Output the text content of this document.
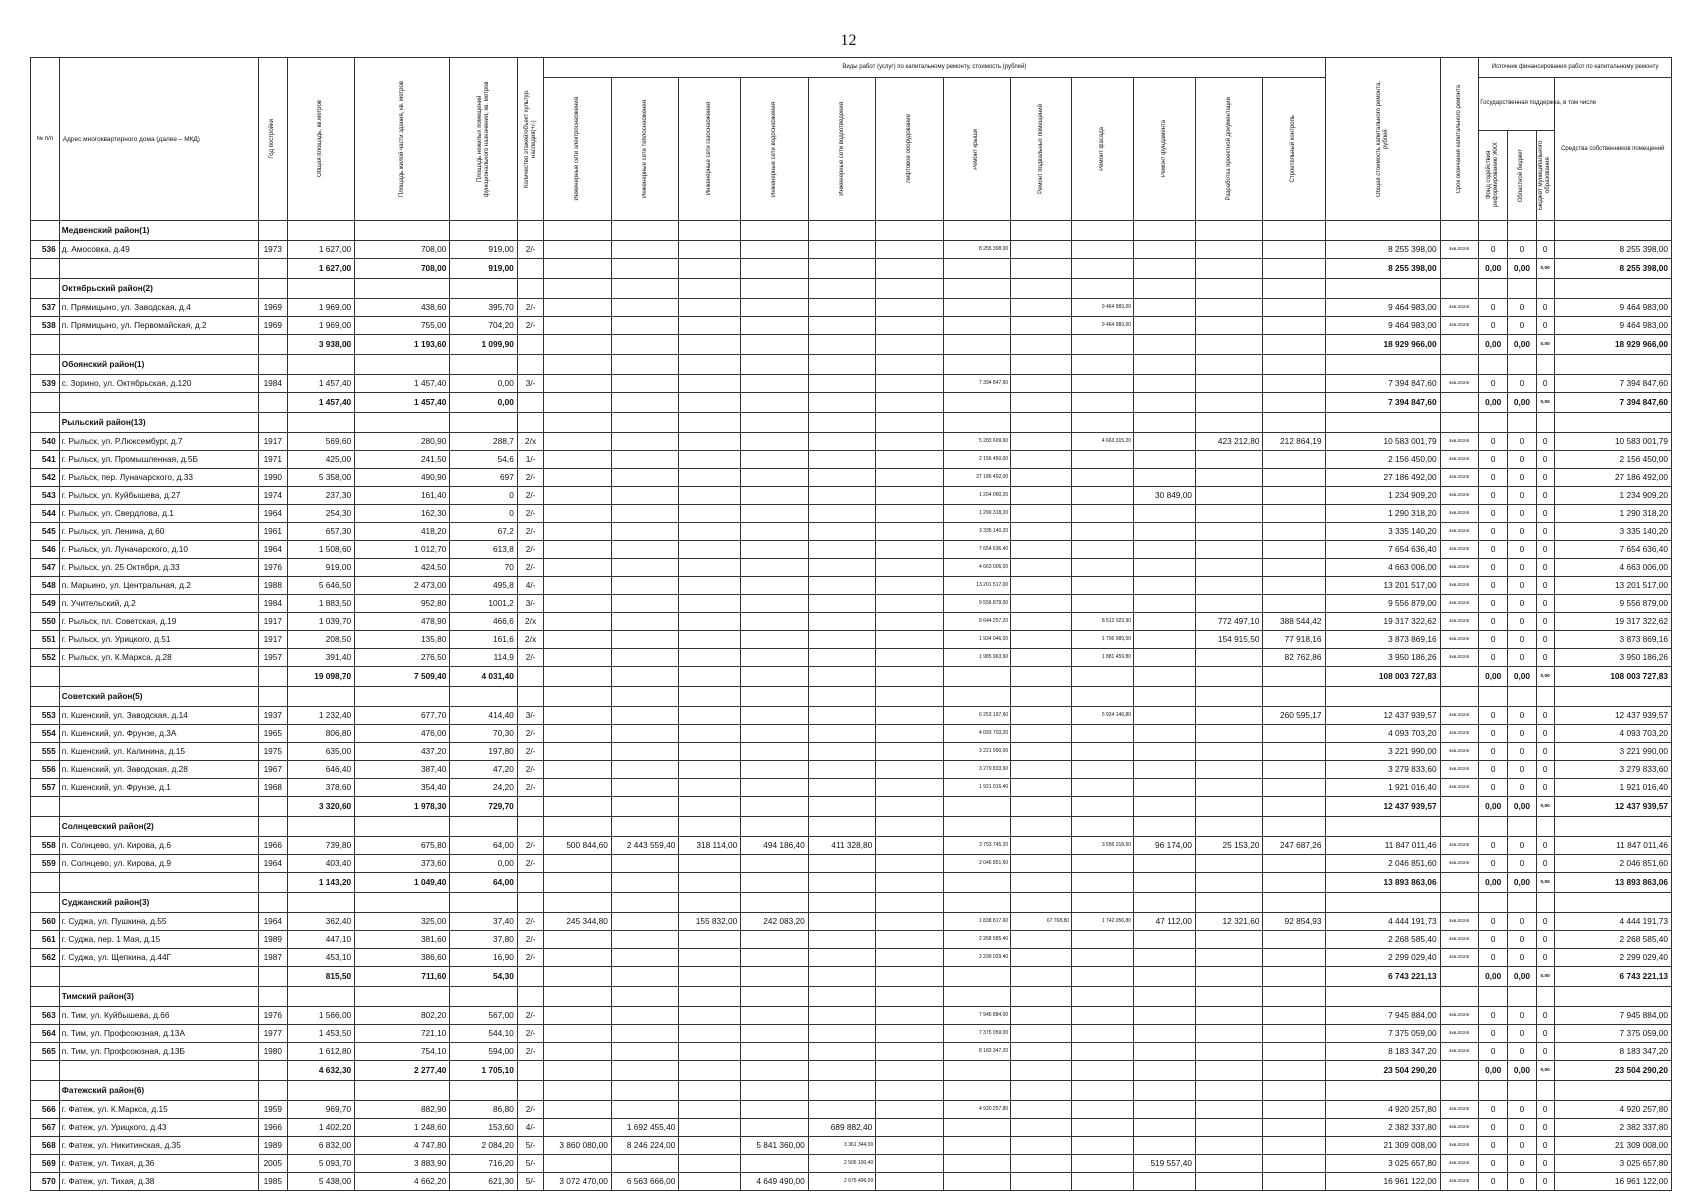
12
№ п/п	Адрес многоквартирного дома (далее – МКД)	Год постройки	Общая площадь, кв.метров	Площадь жилой части здания, кв. метров	Площадь нежилых помещений функционального назначения, кв. метров	Количество этажей/объект культур. наследия(+/-)	Виды работ (услуг) по капитальному ремонту, стоимость (рублей)												Общая стоимость капитального ремонта, рублей	Срок окончания капитального ремонта	Источник финансирования работ по капитальному ремонту			

							Инженерные сети электроснабжения	Инженерные сети теплоснабжения	Инженерные сети газоснабжения	Инженерные сети водоснабжения	Инженерные сети водоотведения	Лифтовое оборудование	Ремонт крыши	Ремонт подвальных помещений	Ремонт фасада	Ремонт фундамента	Разработка проектной документации	Строительный контроль			Государственная поддержка, в том числе			Средства собственников помещений

																					Фонд содействия реформированию ЖКХ	Областной бюджет	Бюджет муниципального образования	

	Медвенский район(1)																							
536	д. Амосовка, д.49	1973	1 627,00	708,00	919,00	2/-							8 255 398,00						8 255 398,00	4кв.2024г	0	0	0	8 255 398,00
			1 627,00	708,00	919,00														8 255 398,00		0,00	0,00	0,00	8 255 398,00
	Октябрьский район(2)																							
537	п. Прямицыно, ул. Заводская, д.4	1969	1 969,00	438,60	395,70	2/-									9 464 983,00				9 464 983,00	4кв.2024г	0	0	0	9 464 983,00
538	п. Прямицыно, ул. Первомайская, д.2	1969	1 969,00	755,00	704,20	2/-									9 464 983,00				9 464 983,00	4кв.2024г	0	0	0	9 464 983,00
			3 938,00	1 193,60	1 099,90														18 929 966,00		0,00	0,00	0,00	18 929 966,00
	Обоянский район(1)																							
539	с. Зорино, ул. Октябрьская, д.120	1984	1 457,40	1 457,40	0,00	3/-							7 394 847,60						7 394 847,60	4кв.2024г	0	0	0	7 394 847,60
			1 457,40	1 457,40	0,00														7 394 847,60		0,00	0,00	0,00	7 394 847,60
	Рыльский район(13)																							
540	г. Рыльск, ул. Р.Люксембург, д.7	1917	569,60	280,90	288,7	2/х							5 283 609,60		4 663 315,20		423 212,80	212 864,19	10 583 001,79	4кв.2024г	0	0	0	10 583 001,79
541	г. Рыльск, ул. Промышленная, д.5Б	1971	425,00	241,50	54,6	1/-							2 156 450,00						2 156 450,00	4кв.2024г	0	0	0	2 156 450,00
542	г. Рыльск, пер. Луначарского, д.33	1990	5 358,00	490,90	697	2/-							27 186 492,00						27 186 492,00	4кв.2024г	0	0	0	27 186 492,00
543	г. Рыльск, ул. Куйбышева, д.27	1974	237,30	161,40	0	2/-							1 204 060,20			30 849,00			1 234 909,20	4кв.2024г	0	0	0	1 234 909,20
544	г. Рыльск, ул. Свердлова, д.1	1964	254,30	162,30	0	2/-							1 290 318,20						1 290 318,20	4кв.2024г	0	0	0	1 290 318,20
545	г. Рыльск, ул. Ленина, д.60	1961	657,30	418,20	67,2	2/-							3 335 140,20						3 335 140,20	4кв.2024г	0	0	0	3 335 140,20
546	г. Рыльск, ул. Луначарского, д.10	1964	1 508,60	1 012,70	613,8	2/-							7 654 636,40						7 654 636,40	4кв.2024г	0	0	0	7 654 636,40
547	г. Рыльск, ул. 25 Октября, д.33	1976	919,00	424,50	70	2/-							4 663 006,00						4 663 006,00	4кв.2024г	0	0	0	4 663 006,00
548	п. Марьино, ул. Центральная, д.2	1988	5 646,50	2 473,00	495,8	4/-							13 201 517,00						13 201 517,00	4кв.2024г	0	0	0	13 201 517,00
549	п. Учительский, д.2	1984	1 883,50	952,80	1001,2	3/-							9 556 879,00						9 556 879,00	4кв.2024г	0	0	0	9 556 879,00
550	г. Рыльск, пл. Советская, д.19	1917	1 039,70	478,90	466,6	2/х							9 644 257,20		8 512 023,90		772 497,10	388 544,42	19 317 322,62	4кв.2024г	0	0	0	19 317 322,62
551	г. Рыльск, ул. Урицкого, д.51	1917	208,50	135,80	161,6	2/х							1 934 046,00		1 706 989,50		154 915,50	77 918,16	3 873 869,16	4кв.2024г	0	0	0	3 873 869,16
552	г. Рыльск, ул. К.Маркса, д.28	1957	391,40	276,50	114,9	2/-							1 985 963,60		1 881 459,80			82 762,86	3 950 186,26	4кв.2024г	0	0	0	3 950 186,26
			19 098,70	7 509,40	4 031,40														108 003 727,83		0,00	0,00	0,00	108 003 727,83
	Советский район(5)																							
553	п. Кшенский, ул. Заводская, д.14	1937	1 232,40	677,70	414,40	3/-							6 253 197,60		5 924 146,80			260 595,17	12 437 939,57	4кв.2024г	0	0	0	12 437 939,57
554	п. Кшенский, ул. Фрунзе, д.3А	1965	806,80	476,00	70,30	2/-							4 093 703,20						4 093 703,20	4кв.2024г	0	0	0	4 093 703,20
555	п. Кшенский, ул. Калинина, д.15	1975	635,00	437,20	197,80	2/-							3 221 990,00						3 221 990,00	4кв.2024г	0	0	0	3 221 990,00
556	п. Кшенский, ул. Заводская, д.28	1967	646,40	387,40	47,20	2/-							3 279 833,60						3 279 833,60	4кв.2024г	0	0	0	3 279 833,60
557	п. Кшенский, ул. Фрунзе, д.1	1968	378,60	354,40	24,20	2/-							1 921 016,40						1 921 016,40	4кв.2024г	0	0	0	1 921 016,40
			3 320,60	1 978,30	729,70														12 437 939,57		0,00	0,00	0,00	12 437 939,57
	Солнцевский район(2)																							
558	п. Солнцево, ул. Кирова, д.6	1966	739,80	675,80	64,00	2/-	500 844,60	2 443 559,40	318 114,00	494 186,40	411 328,80		3 753 745,20		3 556 218,60	96 174,00	25 153,20	247 687,26	11 847 011,46	4кв.2024г	0	0	0	11 847 011,46
559	п. Солнцево, ул. Кирова, д.9	1964	403,40	373,60	0,00	2/-							2 046 851,60						2 046 851,60	4кв.2024г	0	0	0	2 046 851,60
			1 143,20	1 049,40	64,00														13 893 863,06		0,00	0,00	0,00	13 893 863,06
	Суджанский район(3)																							
560	г. Суджа, ул. Пушкина, д.55	1964	362,40	325,00	37,40	2/-	245 344,80		155 832,00	242 083,20			1 838 817,60	67 768,80	1 742 056,80	47 112,00	12 321,60	92 854,93	4 444 191,73	4кв.2024г	0	0	0	4 444 191,73
561	г. Суджа, пер. 1 Мая, д.15	1989	447,10	381,60	37,80	2/-							2 268 585,40						2 268 585,40	4кв.2024г	0	0	0	2 268 585,40
562	г. Суджа, ул. Щепкина, д.44Г	1987	453,10	386,60	16,90	2/-							2 299 029,40						2 299 029,40	4кв.2024г	0	0	0	2 299 029,40
			815,50	711,60	54,30														6 743 221,13		0,00	0,00	0,00	6 743 221,13
	Тимский район(3)																							
563	п. Тим, ул. Куйбышева, д.66	1976	1 566,00	802,20	567,00	2/-							7 945 884,00						7 945 884,00	4кв.2024г	0	0	0	7 945 884,00
564	п. Тим, ул. Профсоюзная, д.13А	1977	1 453,50	721,10	544,10	2/-							7 375 059,00						7 375 059,00	4кв.2024г	0	0	0	7 375 059,00
565	п. Тим, ул. Профсоюзная, д.13Б	1980	1 612,80	754,10	594,00	2/-							8 183 347,20						8 183 347,20	4кв.2024г	0	0	0	8 183 347,20
			4 632,30	2 277,40	1 705,10														23 504 290,20		0,00	0,00	0,00	23 504 290,20
	Фатежский район(6)																							
566	г. Фатеж, ул. К.Маркса, д.15	1959	969,70	882,90	86,80	2/-							4 920 257,80						4 920 257,80	4кв.2024г	0	0	0	4 920 257,80
567	г. Фатеж, ул. Урицкого, д.43	1966	1 402,20	1 248,60	153,60	4/-		1 692 455,40			689 882,40								2 382 337,80	4кв.2024г	0	0	0	2 382 337,80
568	г. Фатеж, ул. Никитинская, д.35	1989	6 832,00	4 747,80	2 084,20	5/-	3 860 080,00	8 246 224,00		5 841 360,00	3 361 344,00								21 309 008,00	4кв.2024г	0	0	0	21 309 008,00
569	г. Фатеж, ул. Тихая, д.36	2005	5 093,70	3 883,90	716,20	5/-					2 506 100,40					519 557,40			3 025 657,80	4кв.2024г	0	0	0	3 025 657,80
570	г. Фатеж, ул. Тихая, д.38	1985	5 438,00	4 662,20	621,30	5/-	3 072 470,00	6 563 666,00		4 649 490,00	2 675 496,00								16 961 122,00	4кв.2024г	0	0	0	16 961 122,00
